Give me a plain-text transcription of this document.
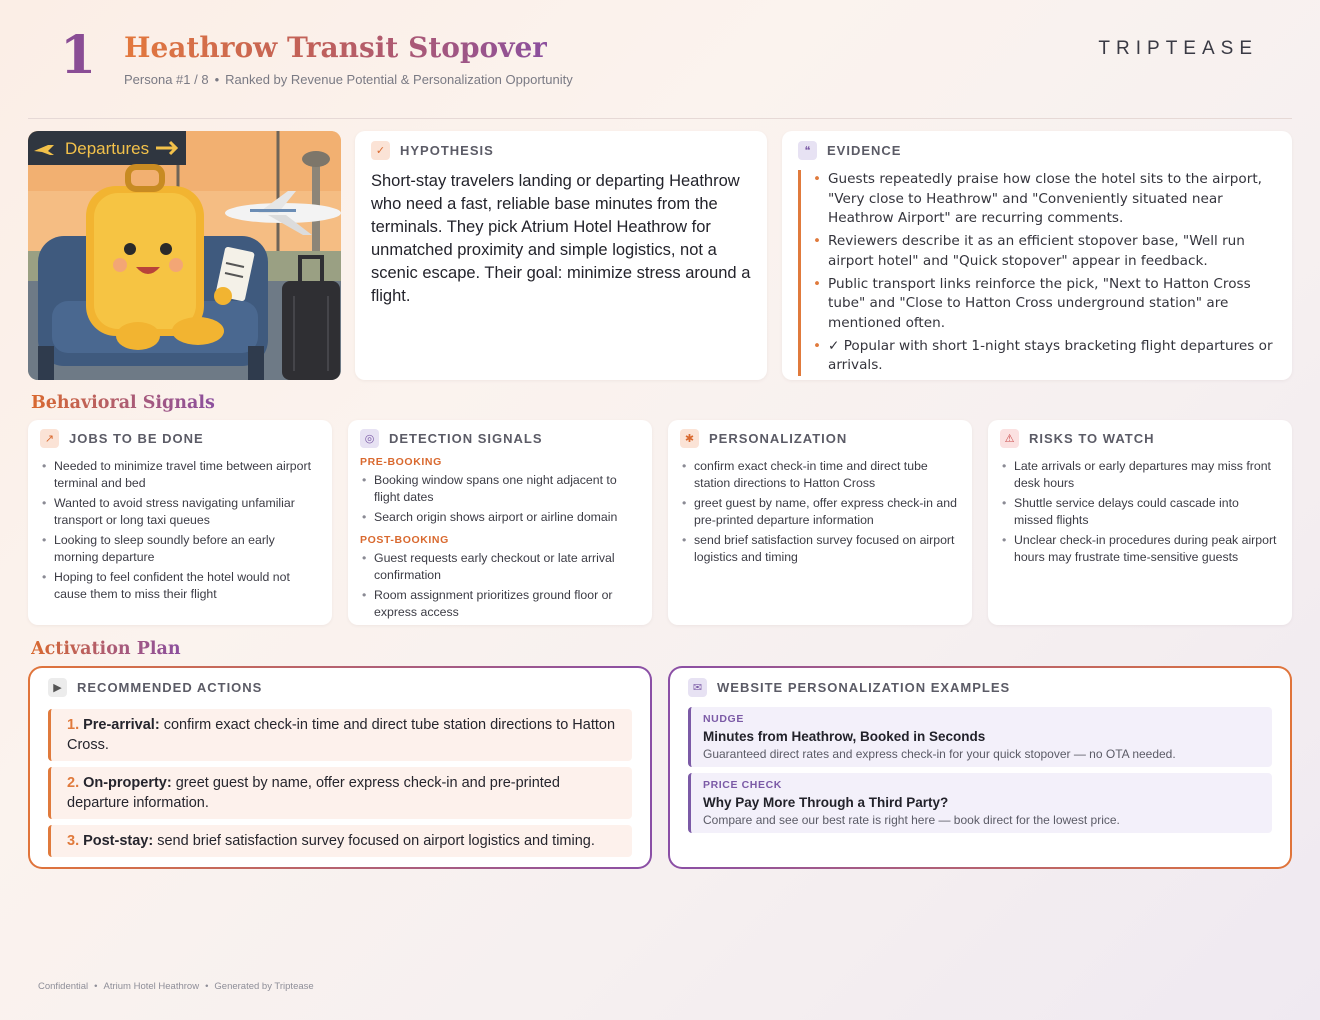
1 Heathrow Transit Stopover
Persona #1 / 8 • Ranked by Revenue Potential & Personalization Opportunity
TRIPTEASE
Departures	✓	HYPOTHESIS
Short-stay travelers landing or departing Heathrow who need a fast, reliable base minutes from the terminals. They pick Atrium Hotel Heathrow for unmatched proximity and simple logistics, not a scenic escape. Their goal: minimize stress around a flight.
❝	EVIDENCE
• Guests repeatedly praise how close the hotel sits to the airport, "Very close to Heathrow" and "Conveniently situated near Heathrow Airport" are recurring comments.
• Reviewers describe it as an efficient stopover base, "Well run airport hotel" and "Quick stopover" appear in feedback.
• Public transport links reinforce the pick, "Next to Hatton Cross tube" and "Close to Hatton Cross underground station" are mentioned often.
• ✓ Popular with short 1-night stays bracketing flight departures or arrivals.
Behavioral Signals
↗	JOBS TO BE DONE
• Needed to minimize travel time between airport terminal and bed
• Wanted to avoid stress navigating unfamiliar transport or long taxi queues
• Looking to sleep soundly before an early morning departure
• Hoping to feel confident the hotel would not cause them to miss their flight
◎	DETECTION SIGNALS
PRE-BOOKING
• Booking window spans one night adjacent to flight dates
• Search origin shows airport or airline domain
POST-BOOKING
• Guest requests early checkout or late arrival confirmation
• Room assignment prioritizes ground floor or express access
✱	PERSONALIZATION
• confirm exact check-in time and direct tube station directions to Hatton Cross
• greet guest by name, offer express check-in and pre-printed departure information
• send brief satisfaction survey focused on airport logistics and timing
⚠	RISKS TO WATCH
• Late arrivals or early departures may miss front desk hours
• Shuttle service delays could cascade into missed flights
• Unclear check-in procedures during peak airport hours may frustrate time-sensitive guests
Activation Plan
▶	RECOMMENDED ACTIONS
1. Pre-arrival: confirm exact check-in time and direct tube station directions to Hatton Cross.
2. On-property: greet guest by name, offer express check-in and pre-printed departure information.
3. Post-stay: send brief satisfaction survey focused on airport logistics and timing.
✉	WEBSITE PERSONALIZATION EXAMPLES
NUDGE
Minutes from Heathrow, Booked in Seconds
Guaranteed direct rates and express check-in for your quick stopover — no OTA needed.
PRICE CHECK
Why Pay More Through a Third Party?
Compare and see our best rate is right here — book direct for the lowest price.
Confidential • Atrium Hotel Heathrow • Generated by Triptease
